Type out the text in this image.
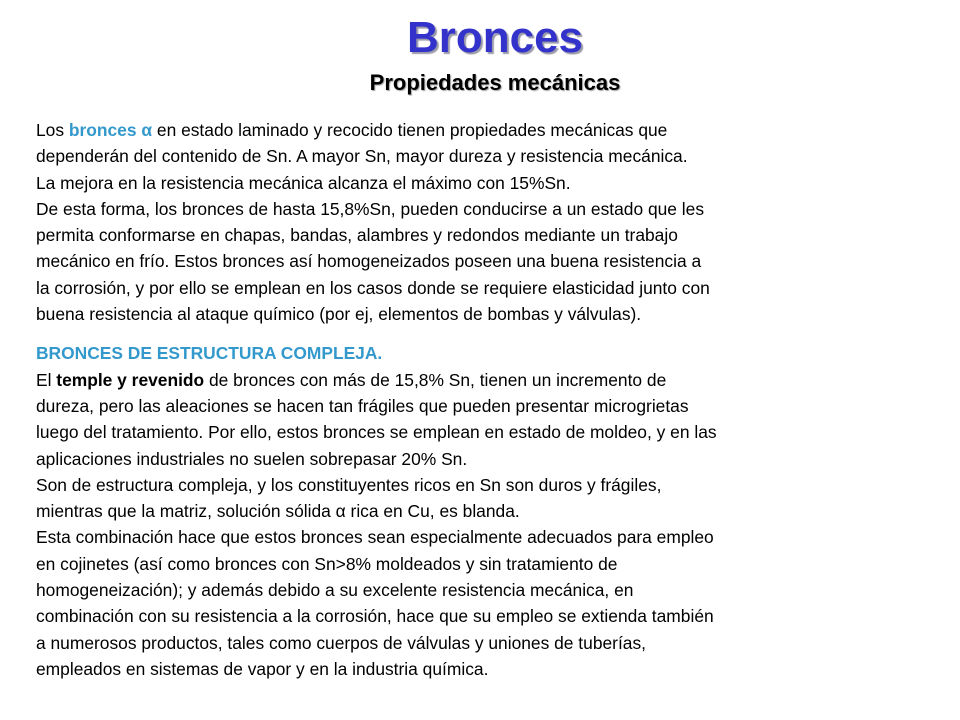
Bronces
Propiedades mecánicas
Los bronces α en estado laminado y recocido tienen propiedades mecánicas que
dependerán del contenido de Sn. A mayor Sn, mayor dureza y resistencia mecánica.
La mejora en la resistencia mecánica alcanza el máximo con 15%Sn.
De esta forma, los bronces de hasta 15,8%Sn, pueden conducirse a un estado que les
permita conformarse en chapas, bandas, alambres y redondos mediante un trabajo
mecánico en frío. Estos bronces así homogeneizados poseen una buena resistencia a
la corrosión, y por ello se emplean en los casos donde se requiere elasticidad junto con
buena resistencia al ataque químico (por ej, elementos de bombas y válvulas).
BRONCES DE ESTRUCTURA COMPLEJA.
El temple y revenido de bronces con más de 15,8% Sn, tienen un incremento de
dureza, pero las aleaciones se hacen tan frágiles que pueden presentar microgrietas
luego del tratamiento. Por ello, estos bronces se emplean en estado de moldeo, y en las
aplicaciones industriales no suelen sobrepasar 20% Sn.
Son de estructura compleja, y los constituyentes ricos en Sn son duros y frágiles,
mientras que la matriz, solución sólida α rica en Cu, es blanda.
Esta combinación hace que estos bronces sean especialmente adecuados para empleo
en cojinetes (así como bronces con Sn>8% moldeados y sin tratamiento de
homogeneización); y además debido a su excelente resistencia mecánica, en
combinación con su resistencia a la corrosión, hace que su empleo se extienda también
a numerosos productos, tales como cuerpos de válvulas y uniones de tuberías,
empleados en sistemas de vapor y en la industria química.
